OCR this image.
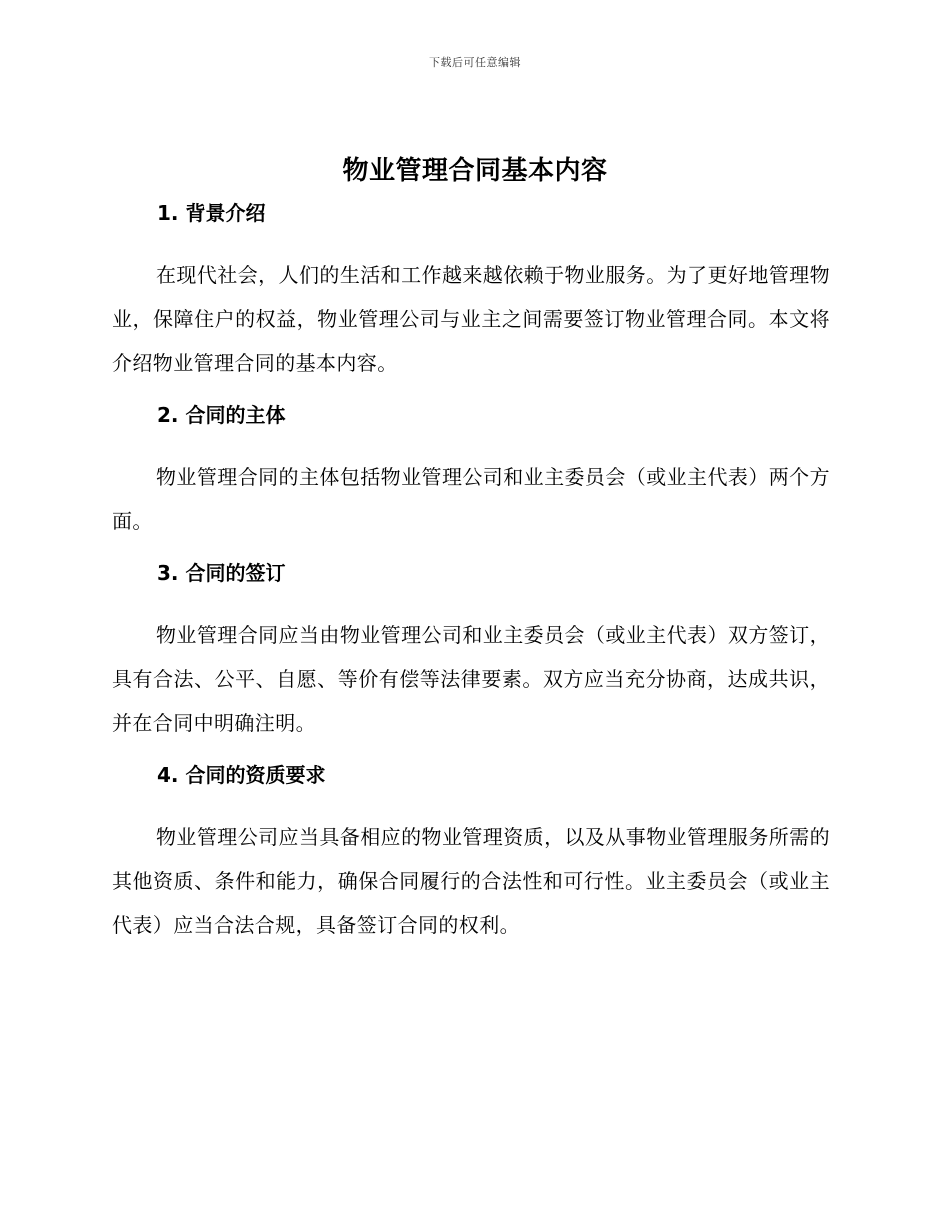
下载后可任意编辑
物业管理合同基本内容
1. 背景介绍

在现代社会，人们的生活和工作越来越依赖于物业服务。为了更好地管理物业，保障住户的权益，物业管理公司与业主之间需要签订物业管理合同。本文将介绍物业管理合同的基本内容。

2. 合同的主体

物业管理合同的主体包括物业管理公司和业主委员会（或业主代表）两个方面。

3. 合同的签订

物业管理合同应当由物业管理公司和业主委员会（或业主代表）双方签订，具有合法、公平、自愿、等价有偿等法律要素。双方应当充分协商，达成共识，并在合同中明确注明。

4. 合同的资质要求

物业管理公司应当具备相应的物业管理资质，以及从事物业管理服务所需的其他资质、条件和能力，确保合同履行的合法性和可行性。业主委员会（或业主代表）应当合法合规，具备签订合同的权利。
